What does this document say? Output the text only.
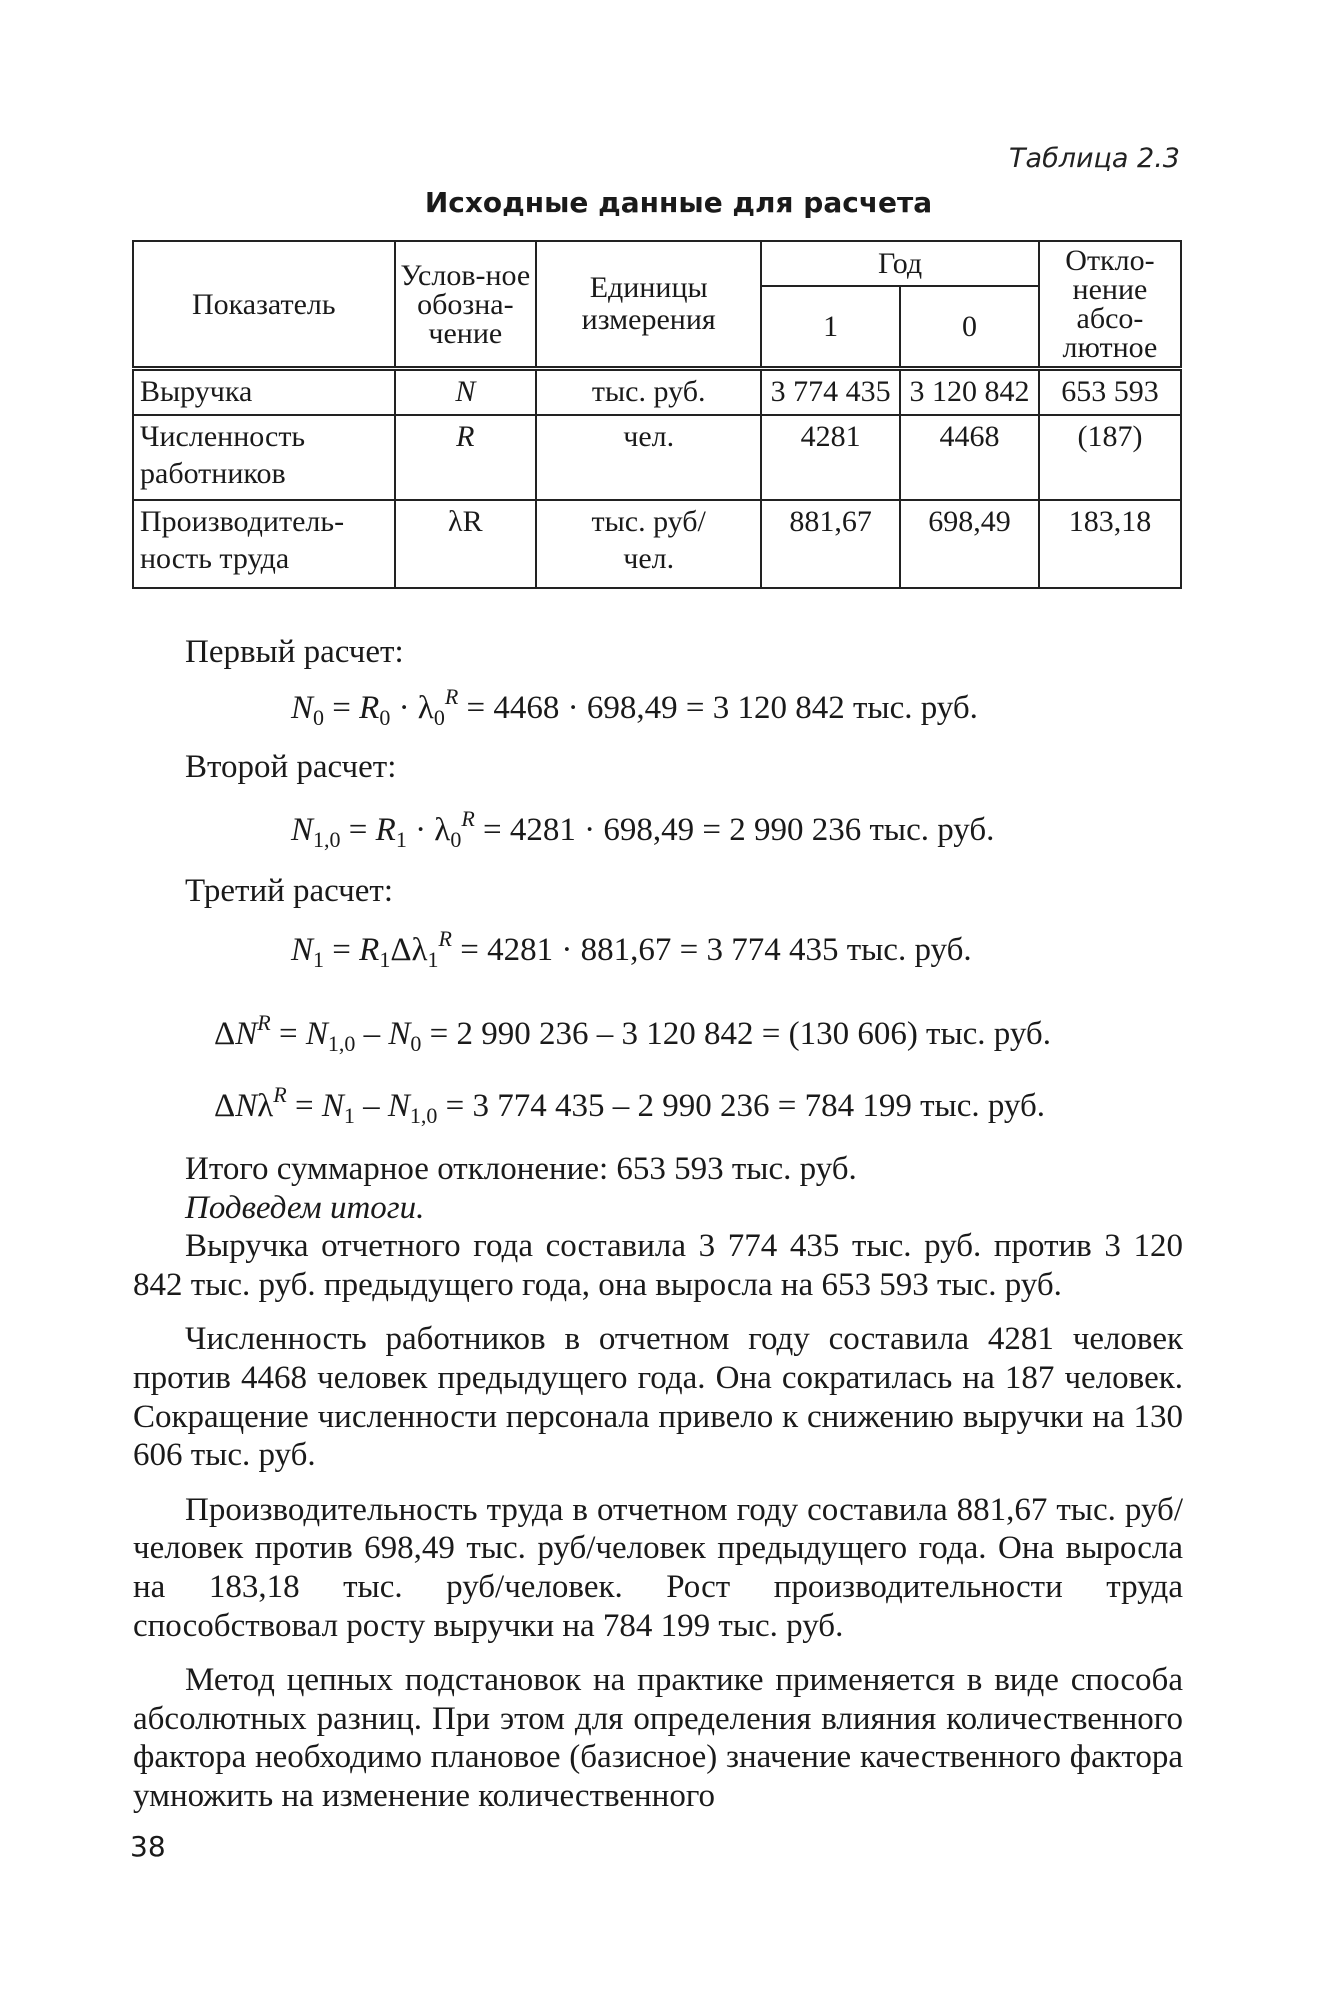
Таблица 2.3
Исходные данные для расчета
Показатель	Услов-ное обозна-чение	Единицы измерения	Год		Откло-нение абсо-лютное

			1	0	
Выручка	N	тыс. руб.	3 774 435	3 120 842	653 593
Численность работников	R	чел.	4281	4468	(187)
Производитель-ность труда	λR	тыс. руб/чел.	881,67	698,49	183,18
Первый расчет:
$N_0 = R_0 \cdot \lambda_0^R = 4468 \cdot 698,49 = 3$ 120 842 тыс. руб.
Второй расчет:
$N_{1,0} = R_1 \cdot \lambda_0^R = 4281 \cdot 698,49 = 2$ 990 236 тыс. руб.
Третий расчет:
$N_1 = R_1\Delta\lambda_1^R = 4281 \cdot 881,67 = 3$ 774 435 тыс. руб.
$\Delta N^R = N_{1,0} - N_0 = 2$ 990 236 – 3 120 842 = (130 606) тыс. руб.
$\Delta N\lambda^R = N_1 - N_{1,0} = 3$ 774 435 – 2 990 236 = 784 199 тыс. руб.

Итого суммарное отклонение: 653 593 тыс. руб.

Подведем итоги.

Выручка отчетного года составила 3 774 435 тыс. руб. против 3 120 842 тыс. руб. предыдущего года, она выросла на 653 593 тыс. руб.

Численность работников в отчетном году составила 4281 человек против 4468 человек предыдущего года. Она сократилась на 187 человек. Сокращение численности персонала привело к снижению выручки на 130 606 тыс. руб.

Производительность труда в отчетном году составила 881,67 тыс. руб/человек против 698,49 тыс. руб/человек предыдущего года. Она выросла на 183,18 тыс. руб/человек. Рост производительности труда способствовал росту выручки на 784 199 тыс. руб.

Метод цепных подстановок на практике применяется в виде способа абсолютных разниц. При этом для определения влияния количественного фактора необходимо плановое (базисное) значение качественного фактора умножить на изменение количественного

38
